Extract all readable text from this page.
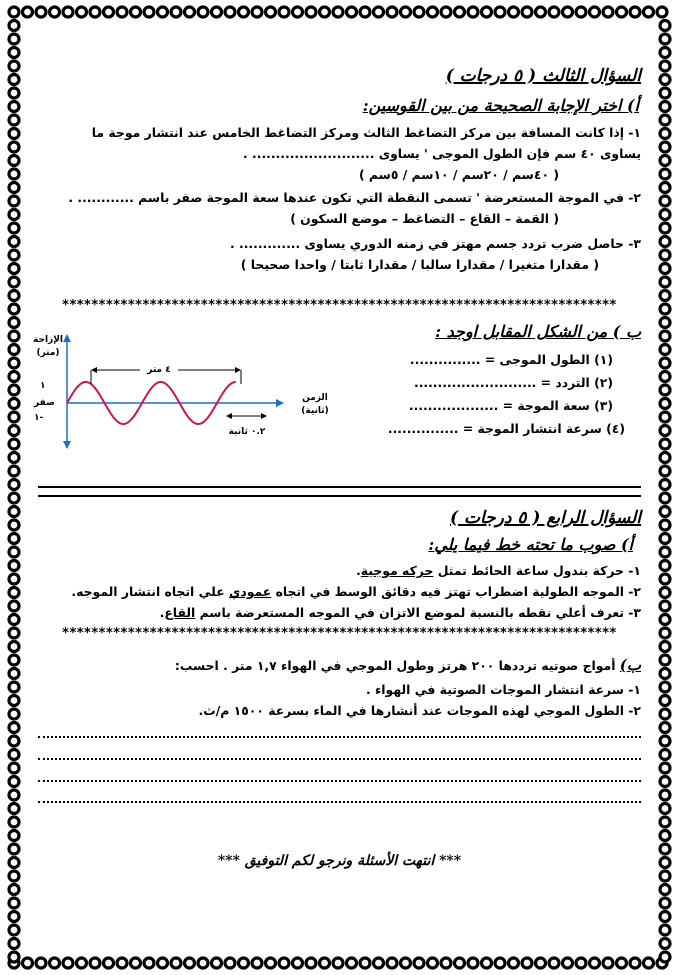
السؤال الثالث ( ٥ درجات )
أ) اختر الإجابة الصحيحة من بين القوسين:
١- إذا كانت المسافة بين مركز التضاغط الثالث ومركز التضاغط الخامس عند انتشار موجة ما
يساوى ٤٠ سم فإن الطول الموجى ' يساوى .......................... .
( ٤٠سم / ٢٠سم / ١٠سم / ٥سم )
٢- في الموجة المستعرضة ' تسمى النقطة التي تكون عندها سعة الموجة صفر باسم ............ .
( القمة – القاع – التضاغط – موضع السكون )
٣- حاصل ضرب تردد جسم مهتز في زمنه الدوري يساوى ............. .
( مقدارا متغيرا / مقدارا سالبا / مقدارا ثابتا / واحدا صحيحا )
****************************************************************************
ب ) من الشكل المقابل اوجد :
(١) الطول الموجى = ...............
(٢) التردد = ..........................
(٣) سعة الموجة = ...................
(٤) سرعة انتشار الموجة = ...............
الإزاحة
(متر)
١
صفر
١-
الزمن
(ثانية)
٤ متر
٠.٢ ثانية
السؤال الرابع ( ٥ درجات )
أ) صوب ما تحته خط فيما يلي:
١- حركة بندول ساعة الحائط تمثل حركه موجية.
٢- الموجه الطولية اضطراب تهتز فيه دقائق الوسط في اتجاه عمودي علي اتجاه انتشار الموجه.
٣- تعرف أعلي نقطه بالنسبة لموضع الاتزان في الموجه المستعرضة باسم القاع.
****************************************************************************
ب) أمواج صوتيه ترددها ٢٠٠ هرتز وطول الموجي في الهواء ١,٧ متر . احسب:
١- سرعة انتشار الموجات الصوتية في الهواء .
٢- الطول الموجي لهذه الموجات عند أنشارها في الماء بسرعة ١٥٠٠ م/ث.
*** انتهت الأسئلة ونرجو لكم التوفيق ***
